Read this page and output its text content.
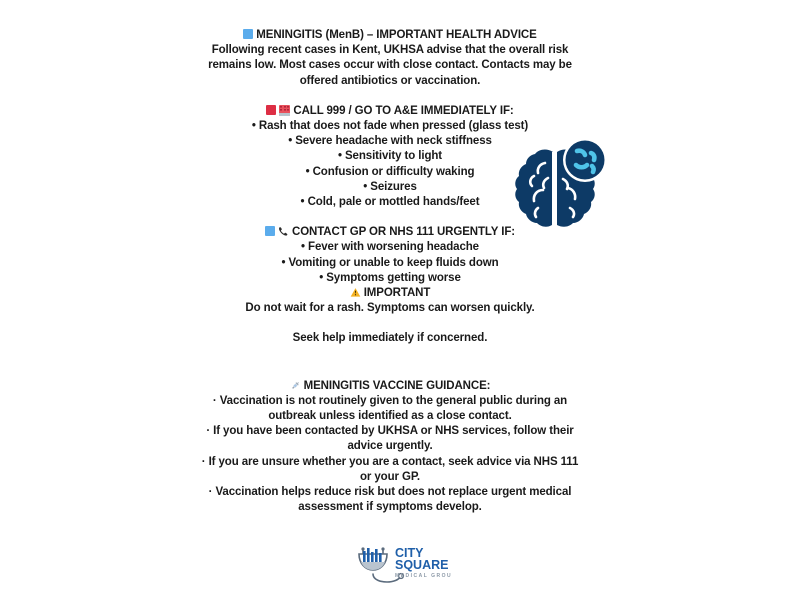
MENINGITIS (MenB) – IMPORTANT HEALTH ADVICE
Following recent cases in Kent, UKHSA advise that the overall risk remains low. Most cases occur with close contact. Contacts may be offered antibiotics or vaccination.
CALL 999 / GO TO A&E IMMEDIATELY IF:
• Rash that does not fade when pressed (glass test)
• Severe headache with neck stiffness
• Sensitivity to light
• Confusion or difficulty waking
• Seizures
• Cold, pale or mottled hands/feet
CONTACT GP OR NHS 111 URGENTLY IF:
• Fever with worsening headache
• Vomiting or unable to keep fluids down
• Symptoms getting worse
IMPORTANT
Do not wait for a rash. Symptoms can worsen quickly.
Seek help immediately if concerned.
MENINGITIS VACCINE GUIDANCE:
· Vaccination is not routinely given to the general public during an outbreak unless identified as a close contact.
· If you have been contacted by UKHSA or NHS services, follow their advice urgently.
· If you are unsure whether you are a contact, seek advice via NHS 111 or your GP.
· Vaccination helps reduce risk but does not replace urgent medical assessment if symptoms develop.
CITY
SQUARE
MEDICAL GROUP
